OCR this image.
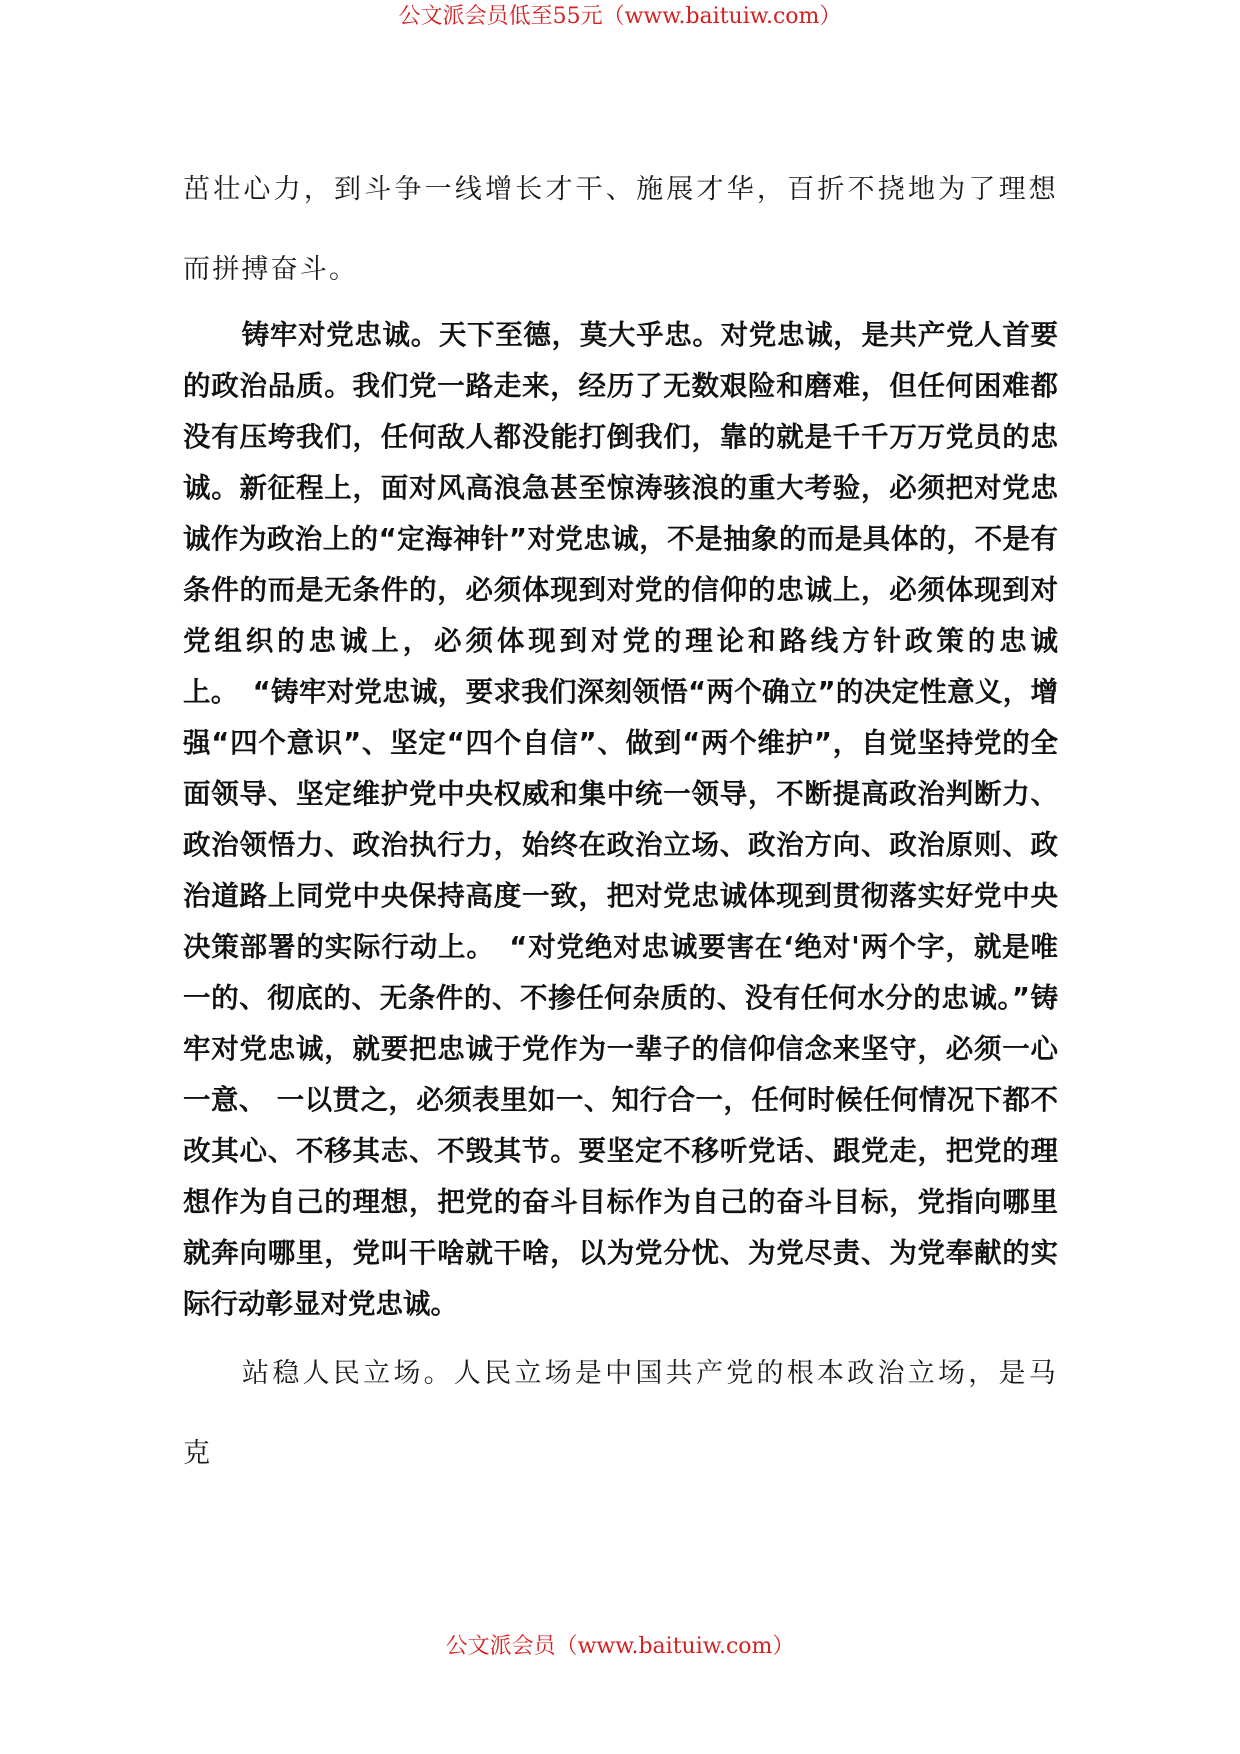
公文派会员低至55元（www.baituiw.com）

茁壮心力，到斗争一线增长才干、施展才华，百折不挠地为了理想而拼搏奋斗。

铸牢对党忠诚。天下至德，莫大乎忠。对党忠诚，是共产党人首要的政治品质。我们党一路走来，经历了无数艰险和磨难，但任何困难都没有压垮我们，任何敌人都没能打倒我们，靠的就是千千万万党员的忠诚。新征程上，面对风高浪急甚至惊涛骇浪的重大考验，必须把对党忠诚作为政治上的“定海神针”对党忠诚，不是抽象的而是具体的，不是有条件的而是无条件的，必须体现到对党的信仰的忠诚上，必须体现到对党组织的忠诚上，必须体现到对党的理论和路线方针政策的忠诚上。　“铸牢对党忠诚，要求我们深刻领悟“两个确立”的决定性意义，增强“四个意识”、坚定“四个自信”、做到“两个维护”，自觉坚持党的全面领导、坚定维护党中央权威和集中统一领导，不断提高政治判断力、政治领悟力、政治执行力，始终在政治立场、政治方向、政治原则、政治道路上同党中央保持高度一致，把对党忠诚体现到贯彻落实好党中央决策部署的实际行动上。　“对党绝对忠诚要害在‘绝对'两个字，就是唯一的、彻底的、无条件的、不掺任何杂质的、没有任何水分的忠诚。”铸牢对党忠诚，就要把忠诚于党作为一辈子的信仰信念来坚守，必须一心一意、 一以贯之，必须表里如一、知行合一，任何时候任何情况下都不改其心、不移其志、不毁其节。要坚定不移听党话、跟党走，把党的理想作为自己的理想，把党的奋斗目标作为自己的奋斗目标，党指向哪里就奔向哪里，党叫干啥就干啥，以为党分忧、为党尽责、为党奉献的实际行动彰显对党忠诚。

站稳人民立场。人民立场是中国共产党的根本政治立场，是马克

公文派会员（www.baituiw.com）
